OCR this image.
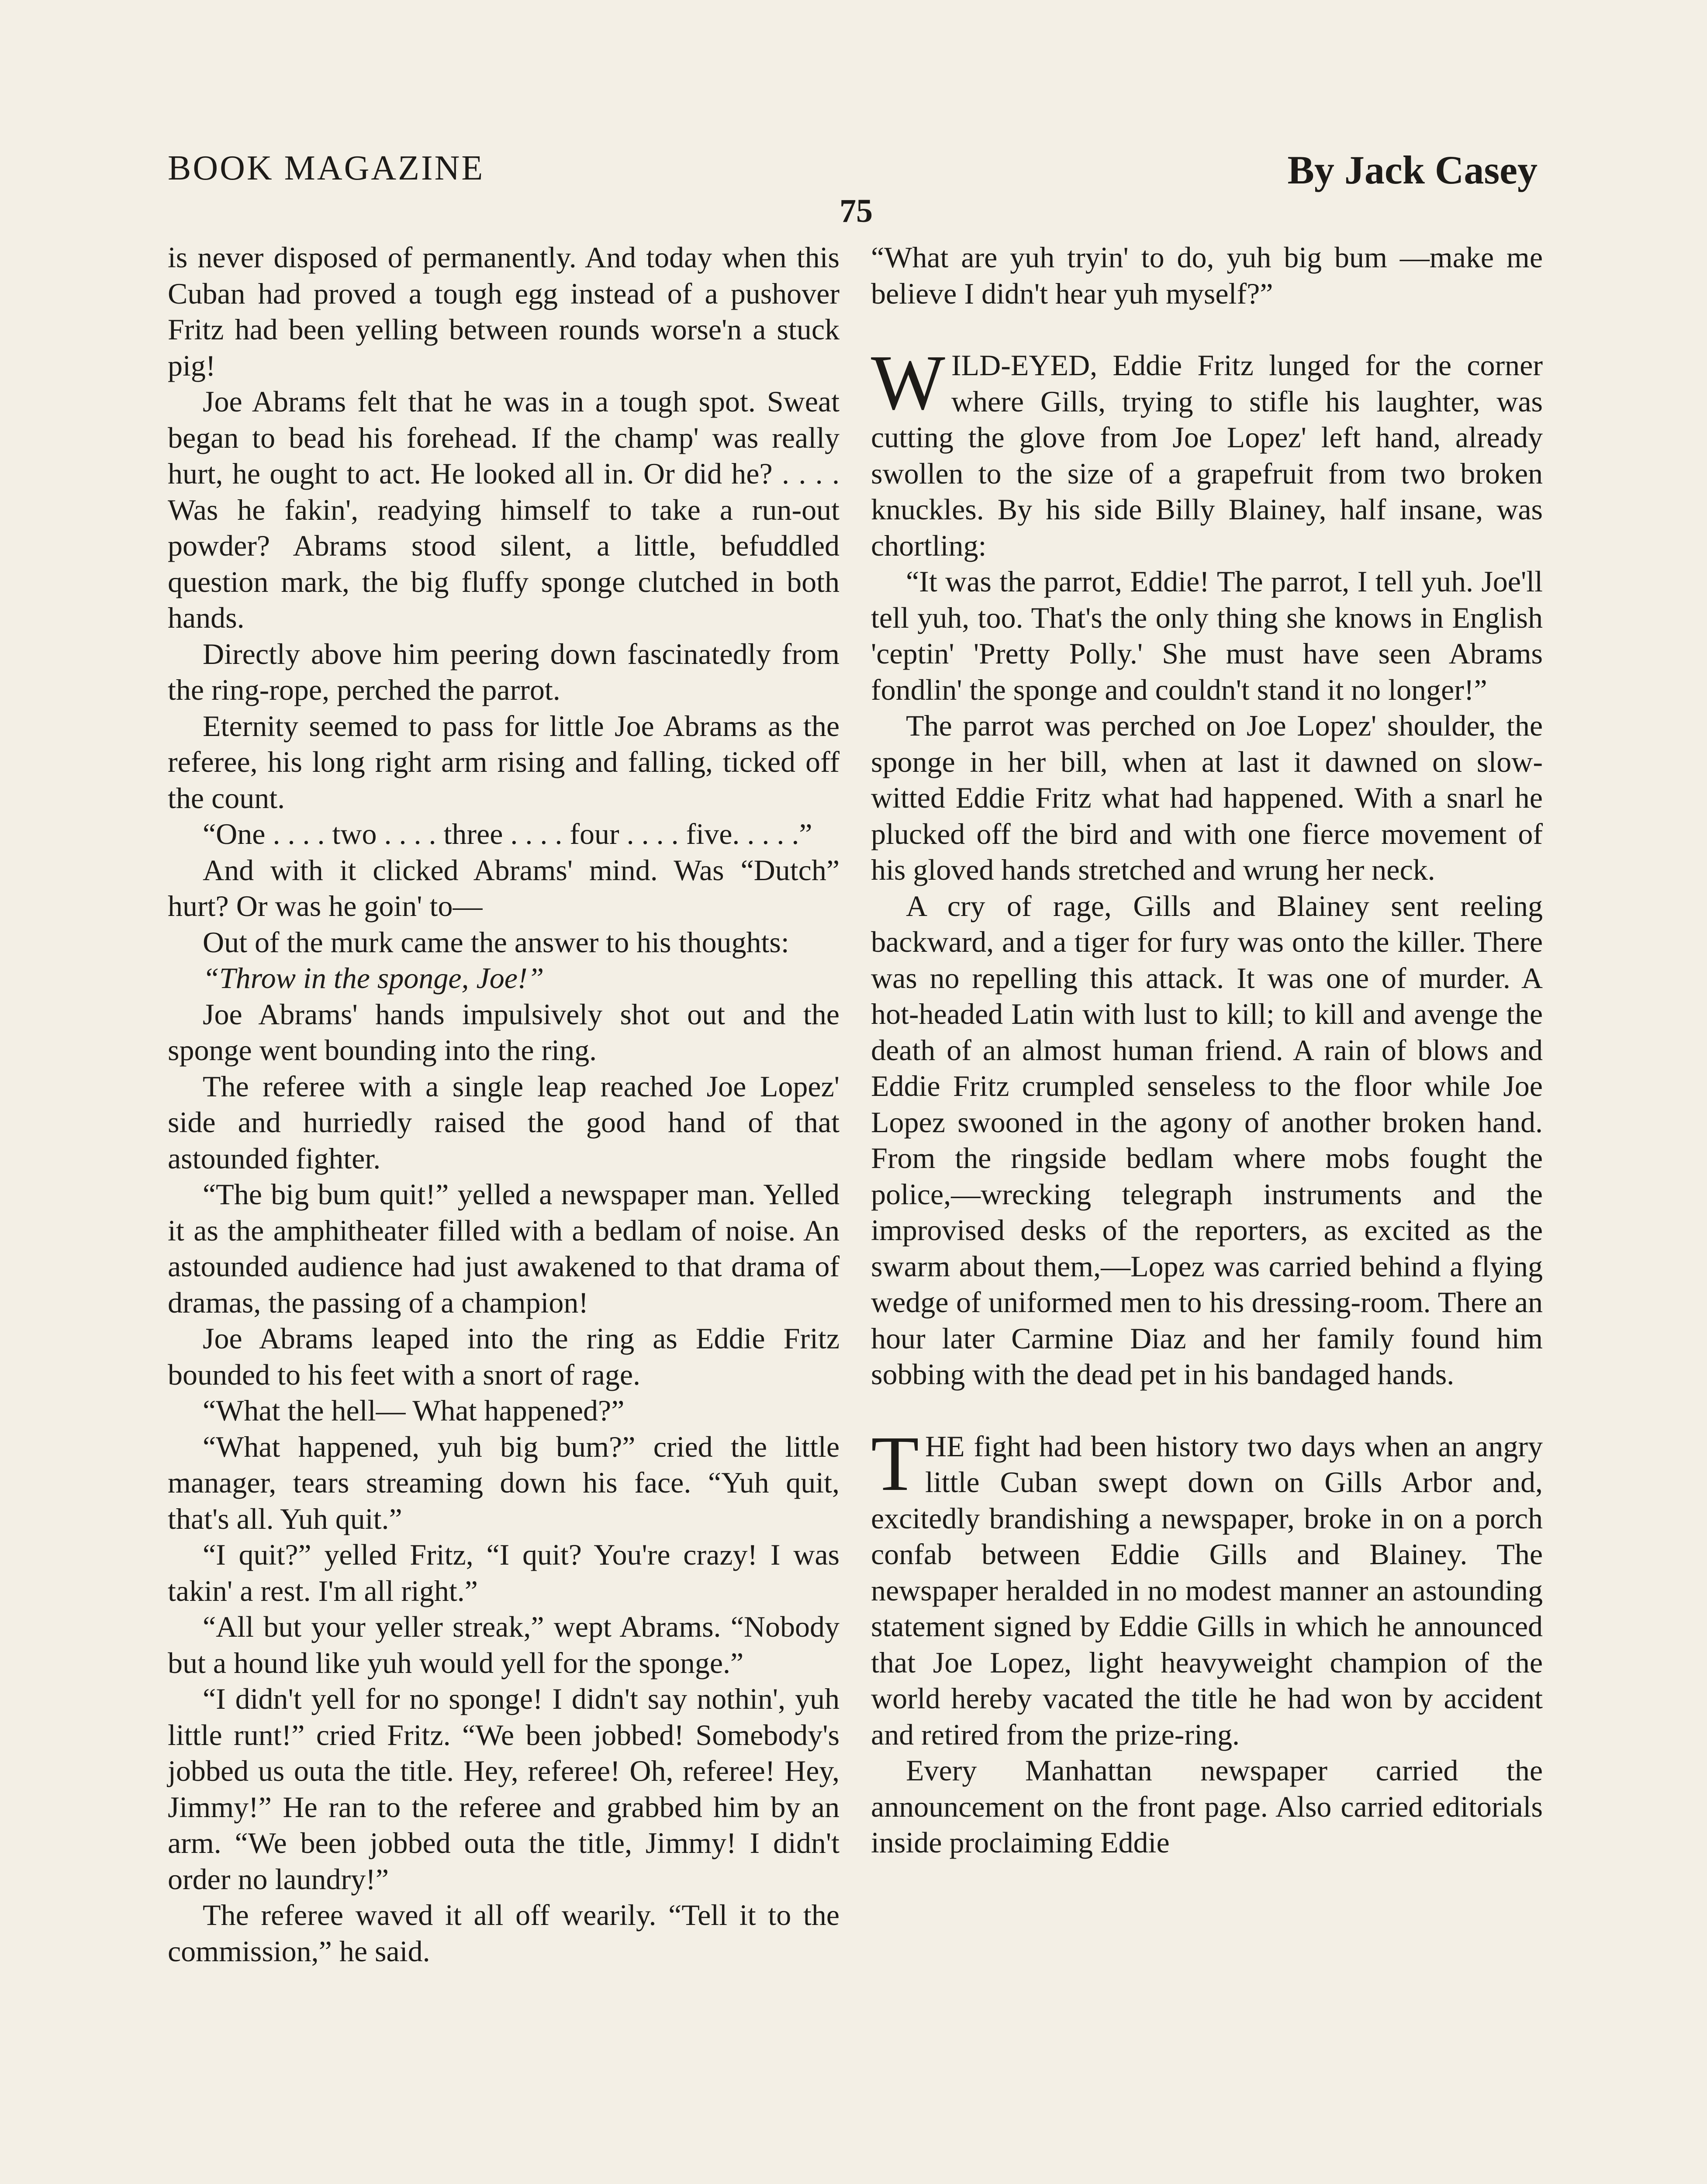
BOOK MAGAZINE	By Jack Casey
75

is never disposed of permanently. And today when this Cuban had proved a tough egg instead of a pushover Fritz had been yelling between rounds worse'n a stuck pig!

Joe Abrams felt that he was in a tough spot. Sweat began to bead his forehead. If the champ' was really hurt, he ought to act. He looked all in. Or did he? . . . . Was he fakin', readying himself to take a run-out powder? Abrams stood silent, a little, befuddled question mark, the big fluffy sponge clutched in both hands.

Directly above him peering down fascinatedly from the ring-rope, perched the parrot.

Eternity seemed to pass for little Joe Abrams as the referee, his long right arm rising and falling, ticked off the count.

“One . . . . two . . . . three . . . . four . . . . five. . . . .”

And with it clicked Abrams' mind. Was “Dutch” hurt? Or was he goin' to—

Out of the murk came the answer to his thoughts:

“Throw in the sponge, Joe!”

Joe Abrams' hands impulsively shot out and the sponge went bounding into the ring.

The referee with a single leap reached Joe Lopez' side and hurriedly raised the good hand of that astounded fighter.

“The big bum quit!” yelled a newspaper man. Yelled it as the amphitheater filled with a bedlam of noise. An astounded audience had just awakened to that drama of dramas, the passing of a champion!

Joe Abrams leaped into the ring as Eddie Fritz bounded to his feet with a snort of rage.

“What the hell— What happened?”

“What happened, yuh big bum?” cried the little manager, tears streaming down his face. “Yuh quit, that's all. Yuh quit.”

“I quit?” yelled Fritz, “I quit? You're crazy! I was takin' a rest. I'm all right.”

“All but your yeller streak,” wept Abrams. “Nobody but a hound like yuh would yell for the sponge.”

“I didn't yell for no sponge! I didn't say nothin', yuh little runt!” cried Fritz. “We been jobbed! Somebody's jobbed us outa the title. Hey, referee! Oh, referee! Hey, Jimmy!” He ran to the referee and grabbed him by an arm. “We been jobbed outa the title, Jimmy! I didn't order no laundry!”

The referee waved it all off wearily. “Tell it to the commission,” he said.

“What are yuh tryin' to do, yuh big bum —make me believe I didn't hear yuh myself?”

WILD-EYED, Eddie Fritz lunged for the corner where Gills, trying to stifle his laughter, was cutting the glove from Joe Lopez' left hand, already swollen to the size of a grapefruit from two broken knuckles. By his side Billy Blainey, half insane, was chortling:

“It was the parrot, Eddie! The parrot, I tell yuh. Joe'll tell yuh, too. That's the only thing she knows in English 'ceptin' 'Pretty Polly.' She must have seen Abrams fondlin' the sponge and couldn't stand it no longer!”

The parrot was perched on Joe Lopez' shoulder, the sponge in her bill, when at last it dawned on slow-witted Eddie Fritz what had happened. With a snarl he plucked off the bird and with one fierce movement of his gloved hands stretched and wrung her neck.

A cry of rage, Gills and Blainey sent reeling backward, and a tiger for fury was onto the killer. There was no repelling this attack. It was one of murder. A hot-headed Latin with lust to kill; to kill and avenge the death of an almost human friend. A rain of blows and Eddie Fritz crumpled senseless to the floor while Joe Lopez swooned in the agony of another broken hand. From the ringside bedlam where mobs fought the police,—wrecking telegraph instruments and the improvised desks of the reporters, as excited as the swarm about them,—Lopez was carried behind a flying wedge of uniformed men to his dressing-room. There an hour later Carmine Diaz and her family found him sobbing with the dead pet in his bandaged hands.

THE fight had been history two days when an angry little Cuban swept down on Gills Arbor and, excitedly brandishing a newspaper, broke in on a porch confab between Eddie Gills and Blainey. The newspaper heralded in no modest manner an astounding statement signed by Eddie Gills in which he announced that Joe Lopez, light heavyweight champion of the world hereby vacated the title he had won by accident and retired from the prize-ring.

Every Manhattan newspaper carried the announcement on the front page. Also carried editorials inside proclaiming Eddie
